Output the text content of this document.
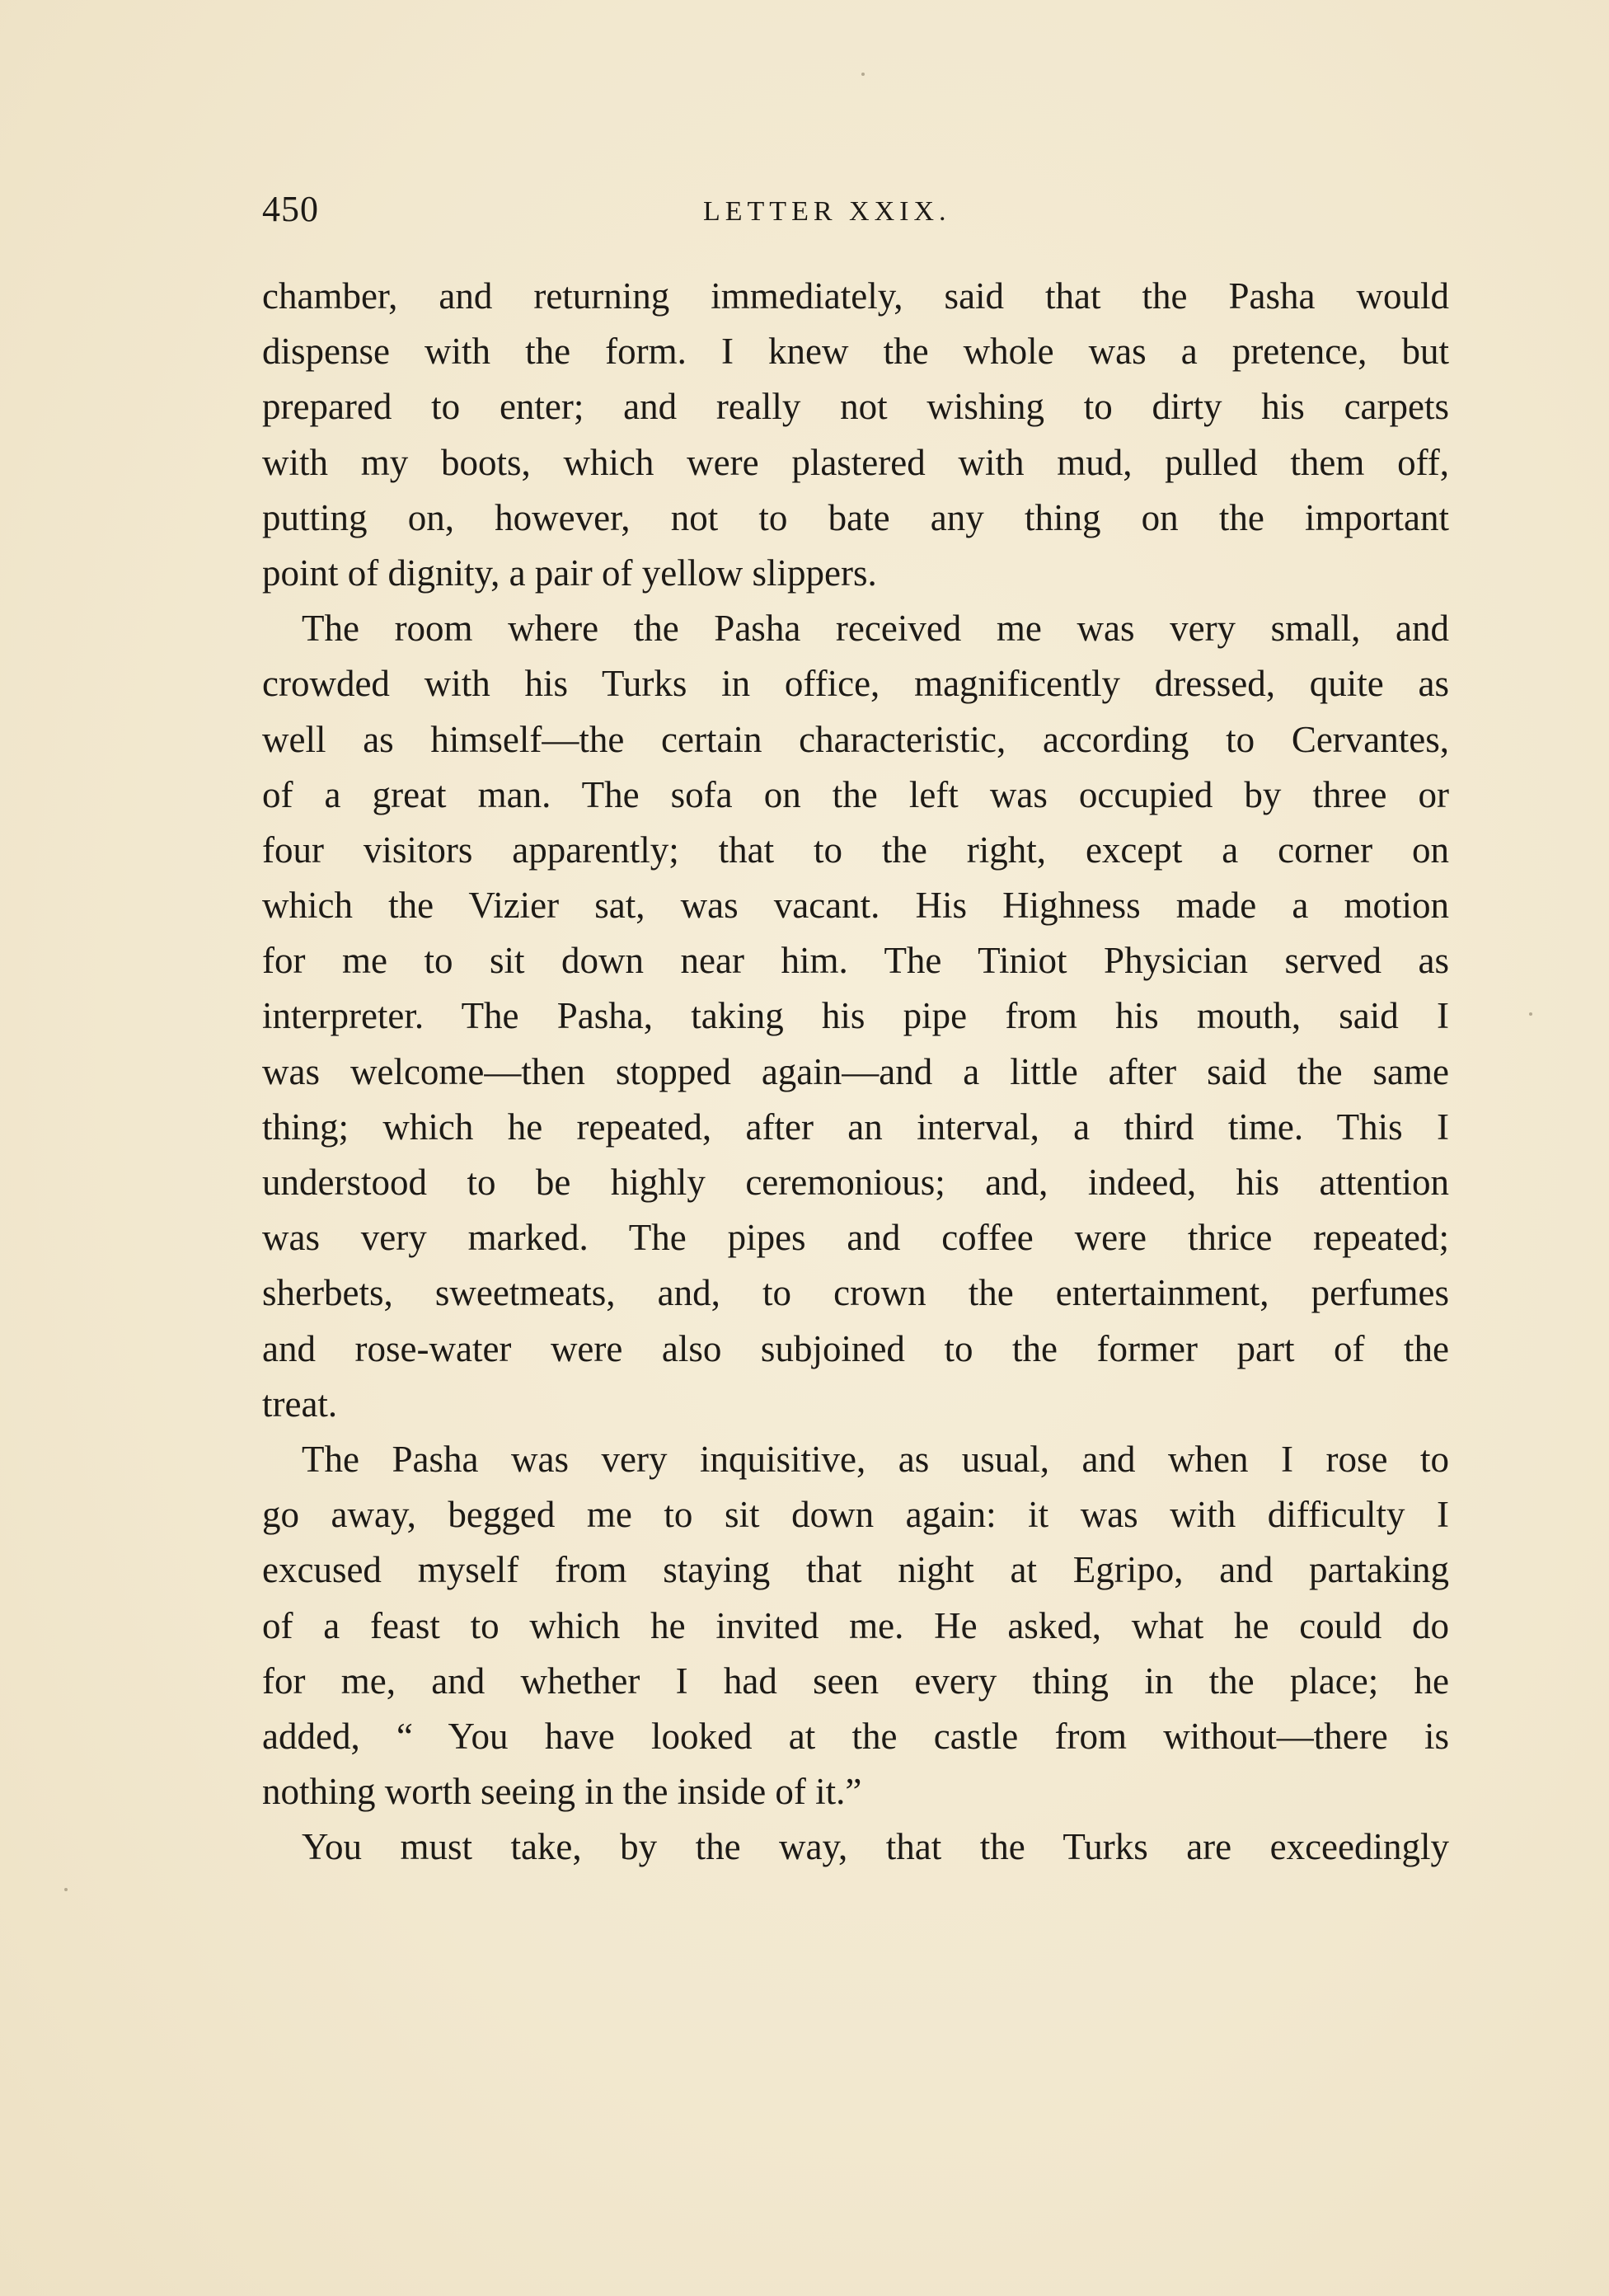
450	LETTER XXIX.
chamber, and returning immediately, said that the Pasha would
dispense with the form. I knew the whole was a pretence, but
prepared to enter; and really not wishing to dirty his carpets
with my boots, which were plastered with mud, pulled them off,
putting on, however, not to bate any thing on the important
point of dignity, a pair of yellow slippers.
The room where the Pasha received me was very small, and
crowded with his Turks in office, magnificently dressed, quite as
well as himself—the certain characteristic, according to Cervantes,
of a great man. The sofa on the left was occupied by three or
four visitors apparently; that to the right, except a corner on
which the Vizier sat, was vacant. His Highness made a motion
for me to sit down near him. The Tiniot Physician served as
interpreter. The Pasha, taking his pipe from his mouth, said I
was welcome—then stopped again—and a little after said the same
thing; which he repeated, after an interval, a third time. This I
understood to be highly ceremonious; and, indeed, his attention
was very marked. The pipes and coffee were thrice repeated;
sherbets, sweetmeats, and, to crown the entertainment, perfumes
and rose-water were also subjoined to the former part of the
treat.
The Pasha was very inquisitive, as usual, and when I rose to
go away, begged me to sit down again: it was with difficulty I
excused myself from staying that night at Egripo, and partaking
of a feast to which he invited me. He asked, what he could do
for me, and whether I had seen every thing in the place; he
added, “ You have looked at the castle from without—there is
nothing worth seeing in the inside of it.”
You must take, by the way, that the Turks are exceedingly
